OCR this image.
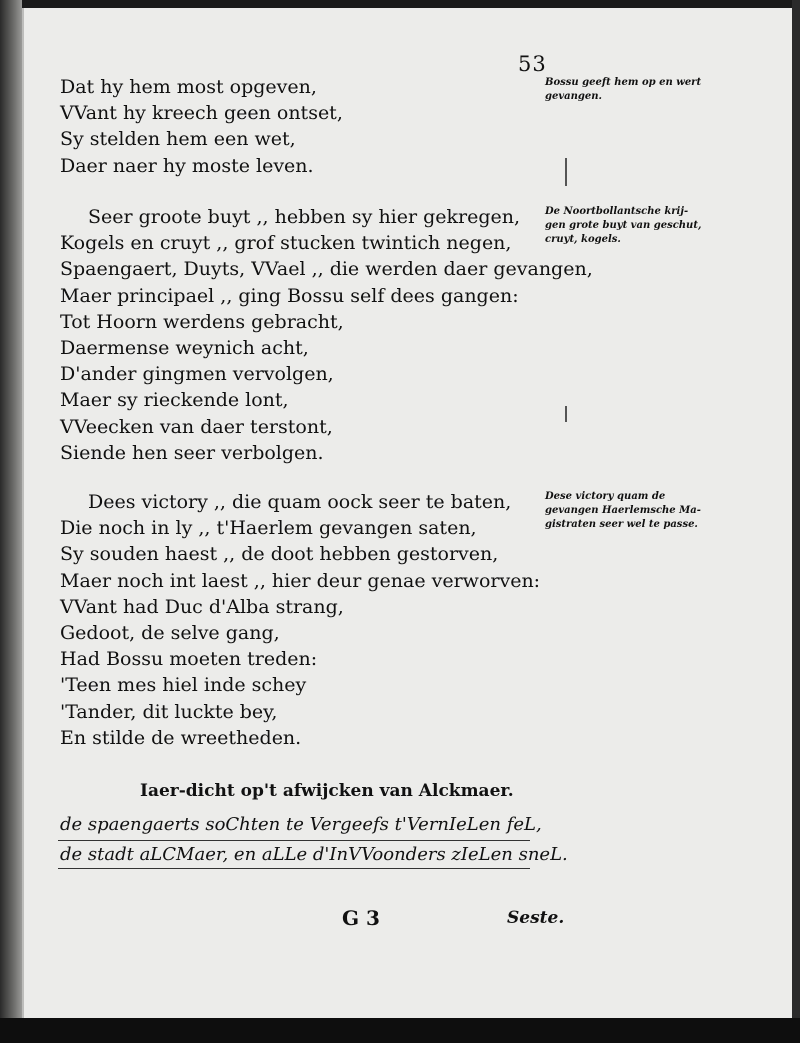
53
Dat hy hem most opgeven,
VVant hy kreech geen ontset,
Sy stelden hem een wet,
Daer naer hy moste leven.
Seer groote buyt ,, hebben sy hier gekregen,
Kogels en cruyt ,, grof stucken twintich negen,
Spaengaert, Duyts, VVael ,, die werden daer gevangen,
Maer principael ,, ging Bossu self dees gangen:
Tot Hoorn werdens gebracht,
Daermense weynich acht,
D'ander gingmen vervolgen,
Maer sy rieckende lont,
VVeecken van daer terstont,
Siende hen seer verbolgen.
Dees victory ,, die quam oock seer te baten,
Die noch in ly ,, t'Haerlem gevangen saten,
Sy souden haest ,, de doot hebben gestorven,
Maer noch int laest ,, hier deur genae verworven:
VVant had Duc d'Alba strang,
Gedoot, de selve gang,
Had Bossu moeten treden:
'Teen mes hiel inde schey
'Tander, dit luckte bey,
En stilde de wreetheden.
Bossu geeft hem op en wert
gevangen.
De Noortbollantsche krij-
gen grote buyt van geschut,
cruyt, kogels.
Dese victory quam de
gevangen Haerlemsche Ma-
gistraten seer wel te passe.
Iaer-dicht op't afwijcken van Alckmaer.
de spaengaerts soChten te Vergeefs t'VernIeLen feL,
de stadt aLCMaer, en aLLe d'InVVoonders zIeLen sneL.
G 3	Seste.
